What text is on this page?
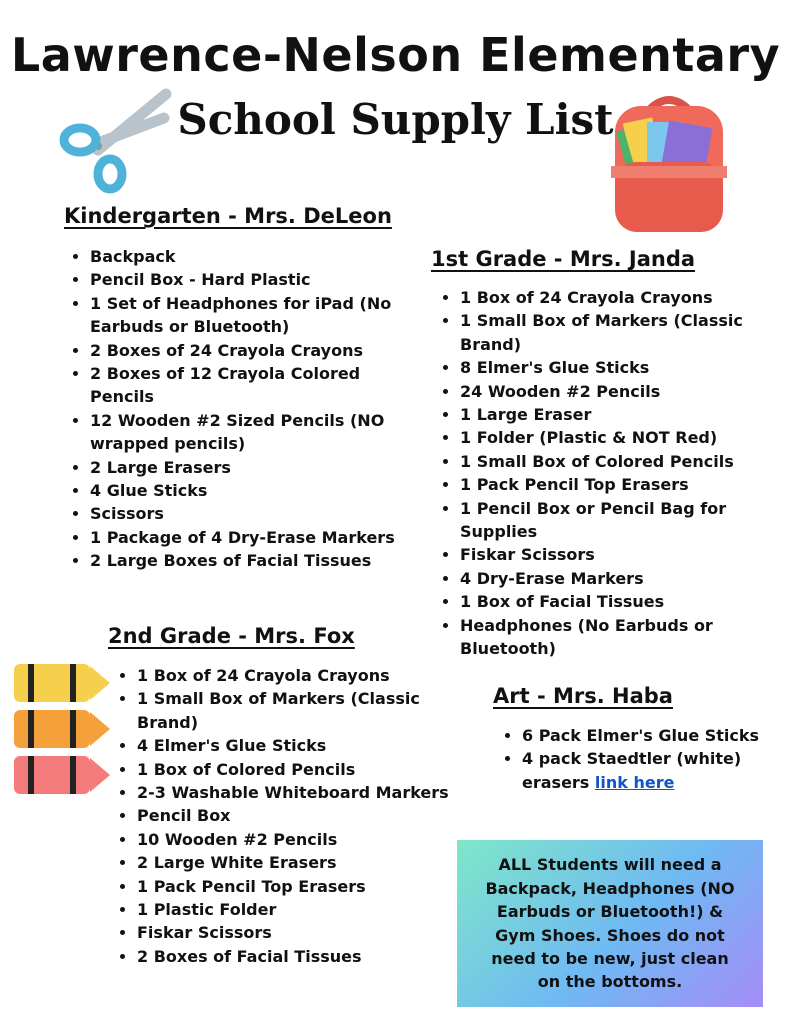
Lawrence-Nelson Elementary
School Supply List
Kindergarten - Mrs. DeLeon
• Backpack
• Pencil Box - Hard Plastic
• 1 Set of Headphones for iPad (No Earbuds or Bluetooth)
• 2 Boxes of 24 Crayola Crayons
• 2 Boxes of 12 Crayola Colored Pencils
• 12 Wooden #2 Sized Pencils (NO wrapped pencils)
• 2 Large Erasers
• 4 Glue Sticks
• Scissors
• 1 Package of 4 Dry-Erase Markers
• 2 Large Boxes of Facial Tissues
1st Grade - Mrs. Janda
• 1 Box of 24 Crayola Crayons
• 1 Small Box of Markers (Classic Brand)
• 8 Elmer's Glue Sticks
• 24 Wooden #2 Pencils
• 1 Large Eraser
• 1 Folder (Plastic & NOT Red)
• 1 Small Box of Colored Pencils
• 1 Pack Pencil Top Erasers
• 1 Pencil Box or Pencil Bag for Supplies
• Fiskar Scissors
• 4 Dry-Erase Markers
• 1 Box of Facial Tissues
• Headphones (No Earbuds or Bluetooth)
2nd Grade - Mrs. Fox
• 1 Box of 24 Crayola Crayons
• 1 Small Box of Markers (Classic Brand)
• 4 Elmer's Glue Sticks
• 1 Box of Colored Pencils
• 2-3 Washable Whiteboard Markers
• Pencil Box
• 10 Wooden #2 Pencils
• 2 Large White Erasers
• 1 Pack Pencil Top Erasers
• 1 Plastic Folder
• Fiskar Scissors
• 2 Boxes of Facial Tissues
Art - Mrs. Haba
• 6 Pack Elmer's Glue Sticks
• 4 pack Staedtler (white) erasers link here
ALL Students will need a Backpack, Headphones (NO Earbuds or Bluetooth!) & Gym Shoes. Shoes do not need to be new, just clean on the bottoms.
